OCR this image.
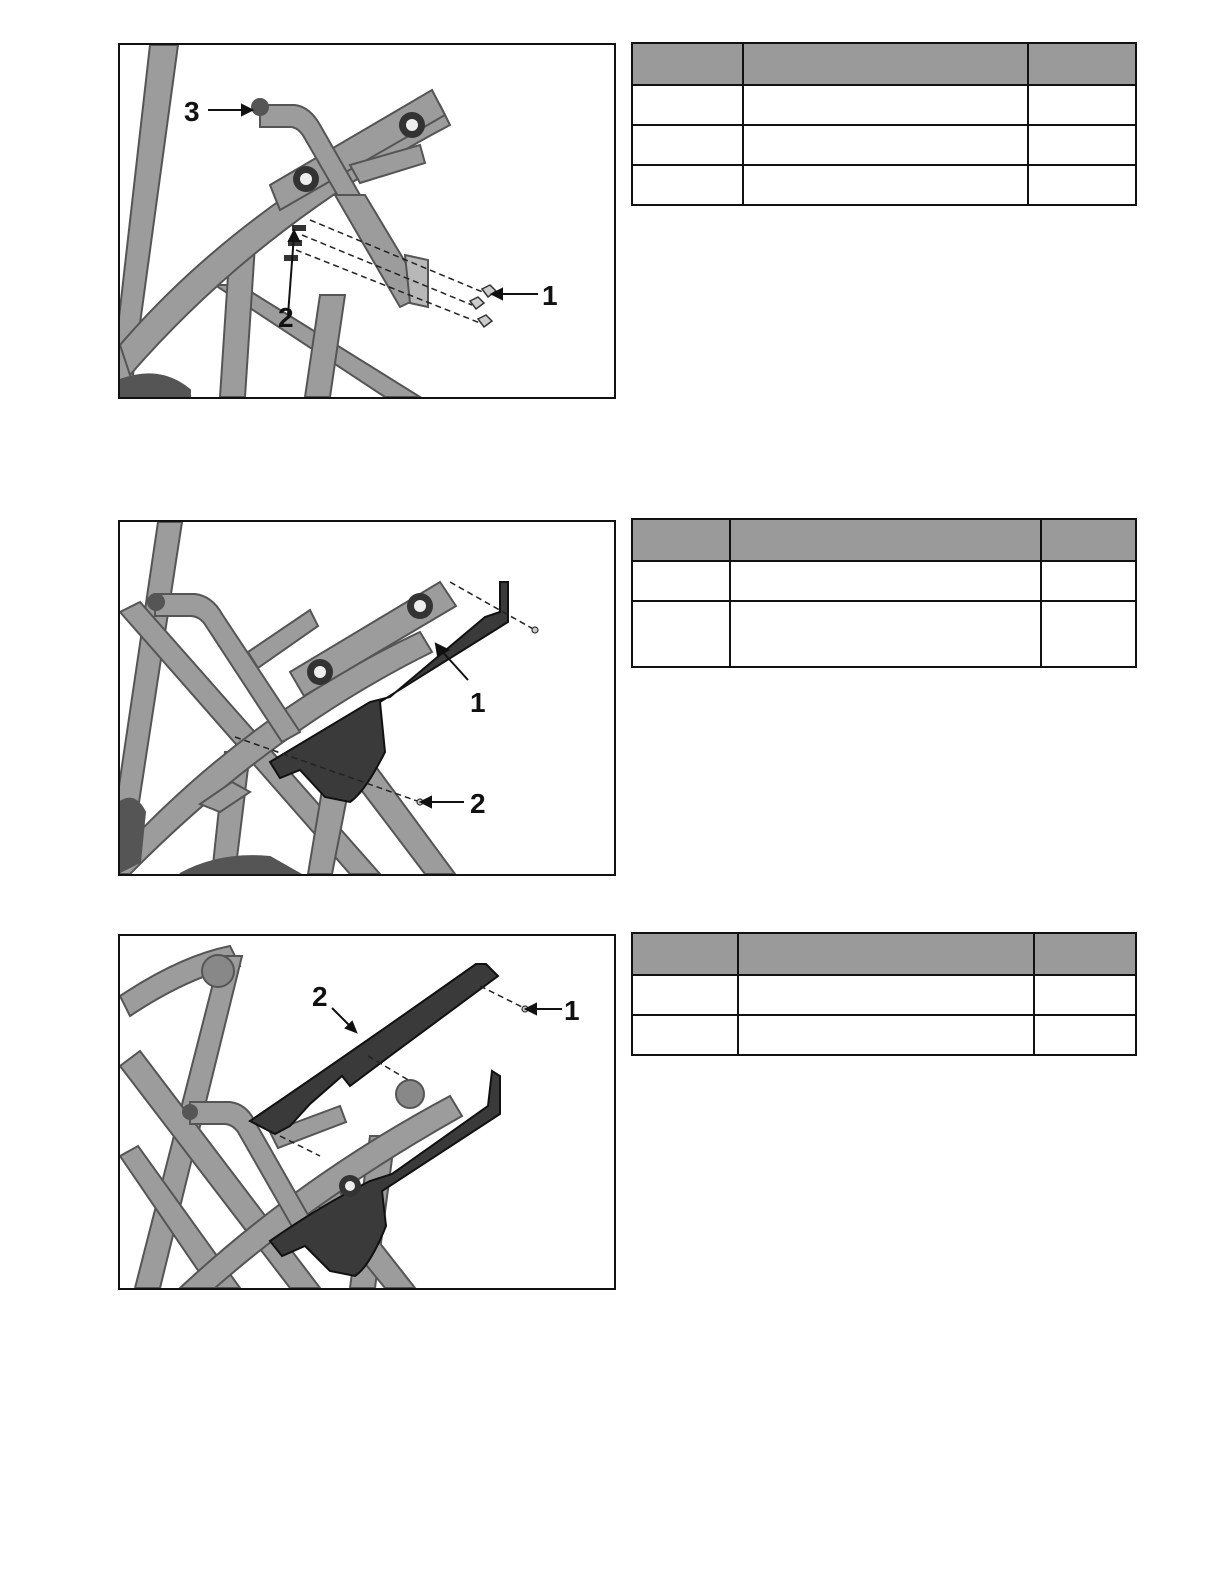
1
2
3

1
2

1
2
